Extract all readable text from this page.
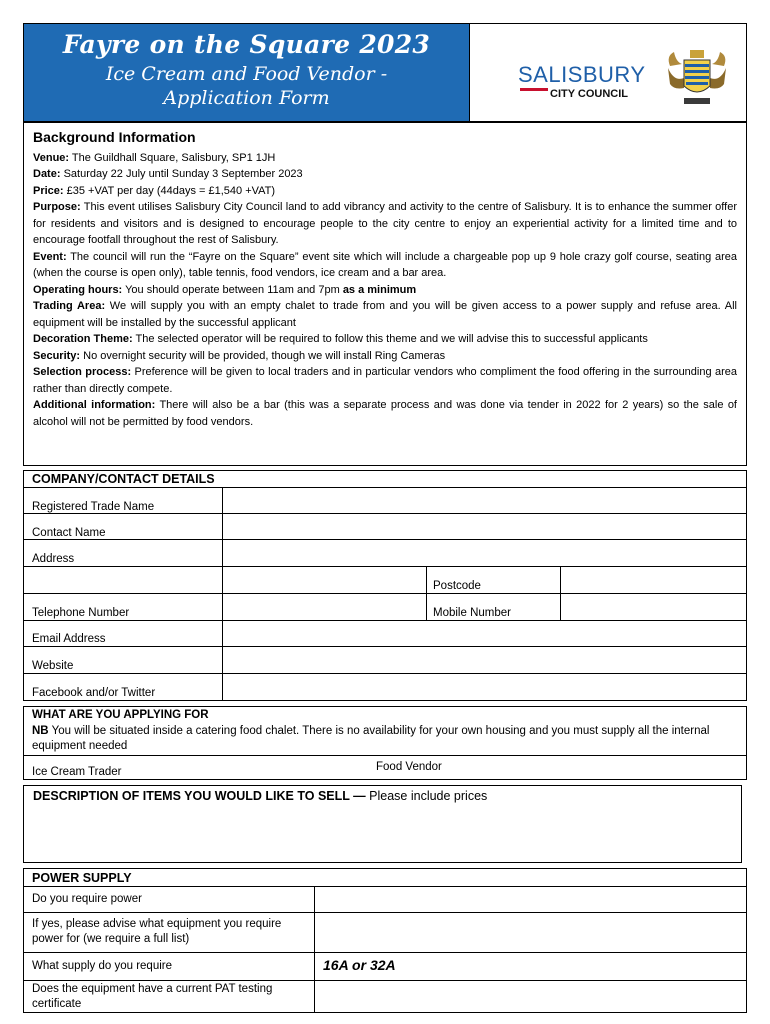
Fayre on the Square 2023
Ice Cream and Food Vendor -
Application Form
SALISBURY
CITY COUNCIL
Background Information

Venue: The Guildhall Square, Salisbury, SP1 1JH

Date: Saturday 22 July until Sunday 3 September 2023

Price: £35 +VAT per day (44days = £1,540 +VAT)

Purpose: This event utilises Salisbury City Council land to add vibrancy and activity to the centre of Salisbury. It is to enhance the summer offer for residents and visitors and is designed to encourage people to the city centre to enjoy an experiential activity for a limited time and to encourage footfall throughout the rest of Salisbury.

Event: The council will run the “Fayre on the Square” event site which will include a chargeable pop up 9 hole crazy golf course, seating area (when the course is open only), table tennis, food vendors, ice cream and a bar area.

Operating hours: You should operate between 11am and 7pm as a minimum

Trading Area: We will supply you with an empty chalet to trade from and you will be given access to a power supply and refuse area. All equipment will be installed by the successful applicant

Decoration Theme: The selected operator will be required to follow this theme and we will advise this to successful applicants

Security: No overnight security will be provided, though we will install Ring Cameras

Selection process: Preference will be given to local traders and in particular vendors who compliment the food offering in the surrounding area rather than directly compete.

Additional information: There will also be a bar (this was a separate process and was done via tender in 2022 for 2 years) so the sale of alcohol will not be permitted by food vendors.

COMPANY/CONTACT DETAILS
Registered Trade Name
Contact Name
Address
Postcode
Telephone Number	Mobile Number
Email Address
Website
Facebook and/or Twitter
WHAT ARE YOU APPLYING FOR
NB You will be situated inside a catering food chalet. There is no availability for your own housing and you must supply all the internal equipment needed
Ice Cream Trader	Food Vendor
DESCRIPTION OF ITEMS YOU WOULD LIKE TO SELL — Please include prices
POWER SUPPLY
Do you require power
If yes, please advise what equipment you require power for (we require a full list)
What supply do you require	16A or 32A
Does the equipment have a current PAT testing certificate
